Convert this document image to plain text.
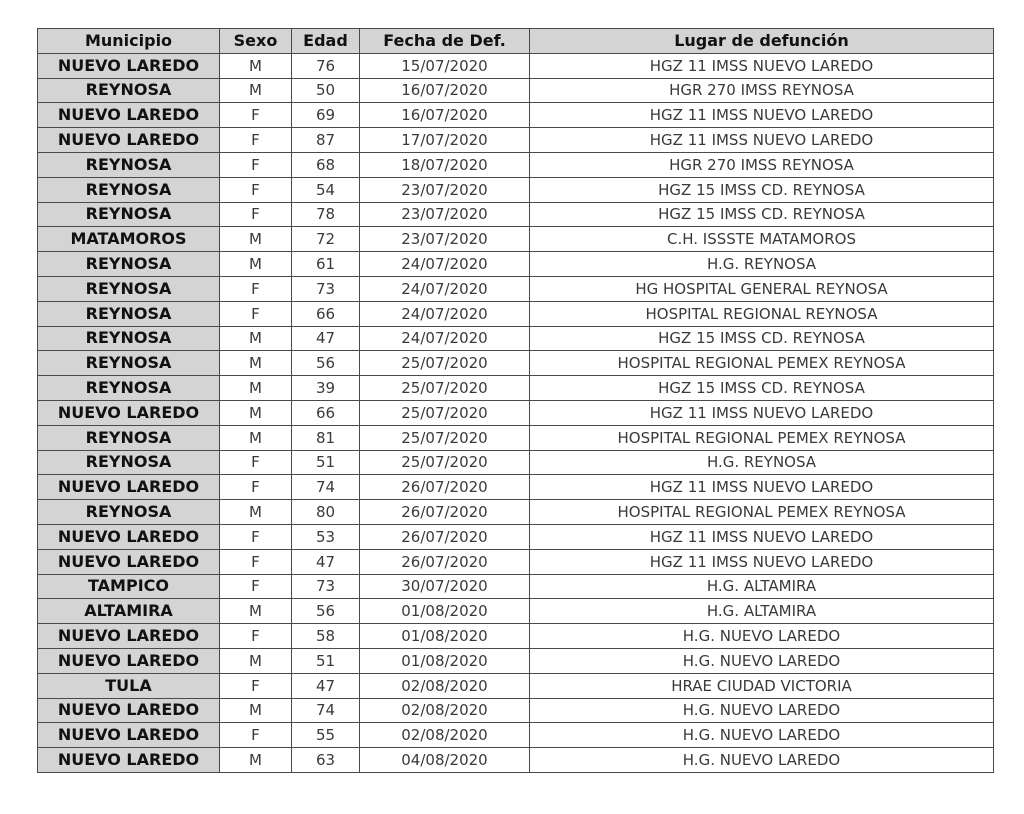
Municipio	Sexo	Edad	Fecha de Def.	Lugar de defunción
NUEVO LAREDO	M	76	15/07/2020	HGZ 11 IMSS NUEVO LAREDO
REYNOSA	M	50	16/07/2020	HGR 270 IMSS REYNOSA
NUEVO LAREDO	F	69	16/07/2020	HGZ 11 IMSS NUEVO LAREDO
NUEVO LAREDO	F	87	17/07/2020	HGZ 11 IMSS NUEVO LAREDO
REYNOSA	F	68	18/07/2020	HGR 270 IMSS REYNOSA
REYNOSA	F	54	23/07/2020	HGZ 15 IMSS CD. REYNOSA
REYNOSA	F	78	23/07/2020	HGZ 15 IMSS CD. REYNOSA
MATAMOROS	M	72	23/07/2020	C.H. ISSSTE MATAMOROS
REYNOSA	M	61	24/07/2020	H.G. REYNOSA
REYNOSA	F	73	24/07/2020	HG HOSPITAL GENERAL REYNOSA
REYNOSA	F	66	24/07/2020	HOSPITAL REGIONAL REYNOSA
REYNOSA	M	47	24/07/2020	HGZ 15 IMSS CD. REYNOSA
REYNOSA	M	56	25/07/2020	HOSPITAL REGIONAL PEMEX REYNOSA
REYNOSA	M	39	25/07/2020	HGZ 15 IMSS CD. REYNOSA
NUEVO LAREDO	M	66	25/07/2020	HGZ 11 IMSS NUEVO LAREDO
REYNOSA	M	81	25/07/2020	HOSPITAL REGIONAL PEMEX REYNOSA
REYNOSA	F	51	25/07/2020	H.G. REYNOSA
NUEVO LAREDO	F	74	26/07/2020	HGZ 11 IMSS NUEVO LAREDO
REYNOSA	M	80	26/07/2020	HOSPITAL REGIONAL PEMEX REYNOSA
NUEVO LAREDO	F	53	26/07/2020	HGZ 11 IMSS NUEVO LAREDO
NUEVO LAREDO	F	47	26/07/2020	HGZ 11 IMSS NUEVO LAREDO
TAMPICO	F	73	30/07/2020	H.G. ALTAMIRA
ALTAMIRA	M	56	01/08/2020	H.G. ALTAMIRA
NUEVO LAREDO	F	58	01/08/2020	H.G. NUEVO LAREDO
NUEVO LAREDO	M	51	01/08/2020	H.G. NUEVO LAREDO
TULA	F	47	02/08/2020	HRAE CIUDAD VICTORIA
NUEVO LAREDO	M	74	02/08/2020	H.G. NUEVO LAREDO
NUEVO LAREDO	F	55	02/08/2020	H.G. NUEVO LAREDO
NUEVO LAREDO	M	63	04/08/2020	H.G. NUEVO LAREDO
